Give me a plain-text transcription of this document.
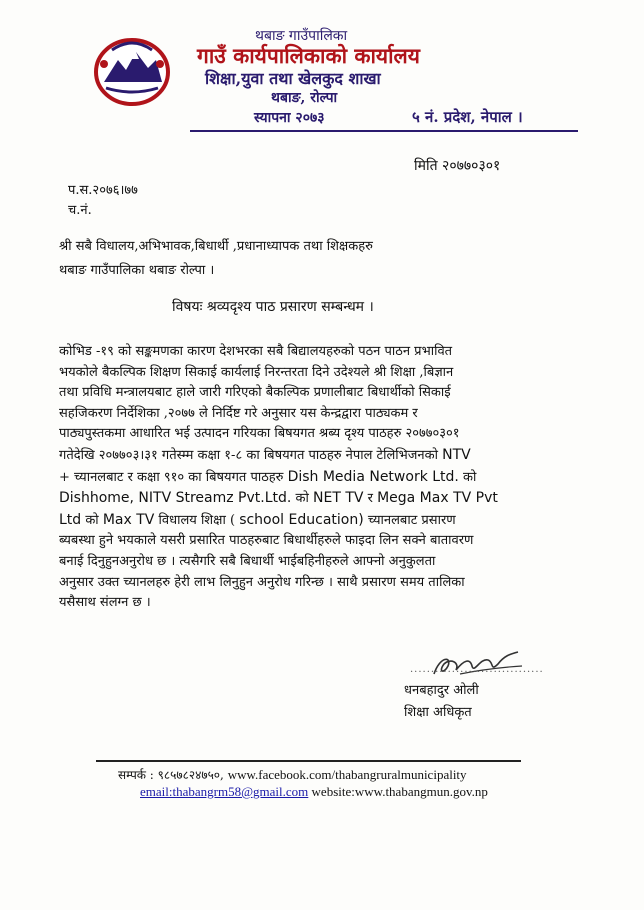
थबाङ गाउँपालिका
गाउँ कार्यपालिकाको कार्यालय
शिक्षा,युवा तथा खेलकुद शाखा
थबाङ, रोल्पा
स्यापना २०७३	५ नं. प्रदेश, नेपाल ।
मिति २०७७०३०१
प.स.२०७६।७७
च.नं.
श्री सबै विधालय,अभिभावक,बिधार्थी ,प्रधानाध्यापक तथा शिक्षकहरु
थबाङ गाउँपालिका थबाङ रोल्पा ।
विषयः श्रव्यदृश्य पाठ प्रसारण सम्बन्धम ।
कोभिड -१९ को सङ्कमणका कारण देशभरका सबै बिद्यालयहरुको पठन पाठन प्रभावित
भयकोले बैकल्पिक शिक्षण सिकाई कार्यलाई निरन्तरता दिने उदेश्यले श्री शिक्षा ,बिज्ञान
तथा प्रविधि मन्त्रालयबाट हाले जारी गरिएको बैकल्पिक प्रणालीबाट बिधार्थीको सिकाई
सहजिकरण निर्देशिका ,२०७७ ले निर्दिष्ट गरे अनुसार यस केन्द्रद्वारा पाठ्यकम र
पाठ्यपुस्तकमा आधारित भई उत्पादन गरियका बिषयगत श्रब्य दृश्य पाठहरु २०७७०३०१
गतेदेखि २०७७०३।३१ गतेस्म्म कक्षा १-८ का बिषयगत पाठहरु नेपाल टेलिभिजनको NTV
+ च्यानलबाट र कक्षा ९१० का बिषयगत पाठहरु Dish Media Network Ltd. को
Dishhome, NITV Streamz Pvt.Ltd. को NET TV र Mega Max TV Pvt
Ltd को Max TV विधालय शिक्षा ( school Education) च्यानलबाट प्रसारण
ब्यबस्था हुने भयकाले यसरी प्रसारित पाठहरुबाट बिधार्थीहरुले फाइदा लिन सक्ने बातावरण
बनाई दिनुहुनअनुरोध छ । त्यसैगरि सबै बिधार्थी भाईबहिनीहरुले आफ्नो अनुकुलता
अनुसार उक्त च्यानलहरु हेरी लाभ लिनुहुन अनुरोध गरिन्छ । साथै प्रसारण समय तालिका
यसैसाथ संलग्न छ ।
................................
धनबहादुर ओली
शिक्षा अधिकृत
सम्पर्क : ९८५७८२४७५०, www.facebook.com/thabangruralmunicipality
email:thabangrm58@gmail.com website:www.thabangmun.gov.np
